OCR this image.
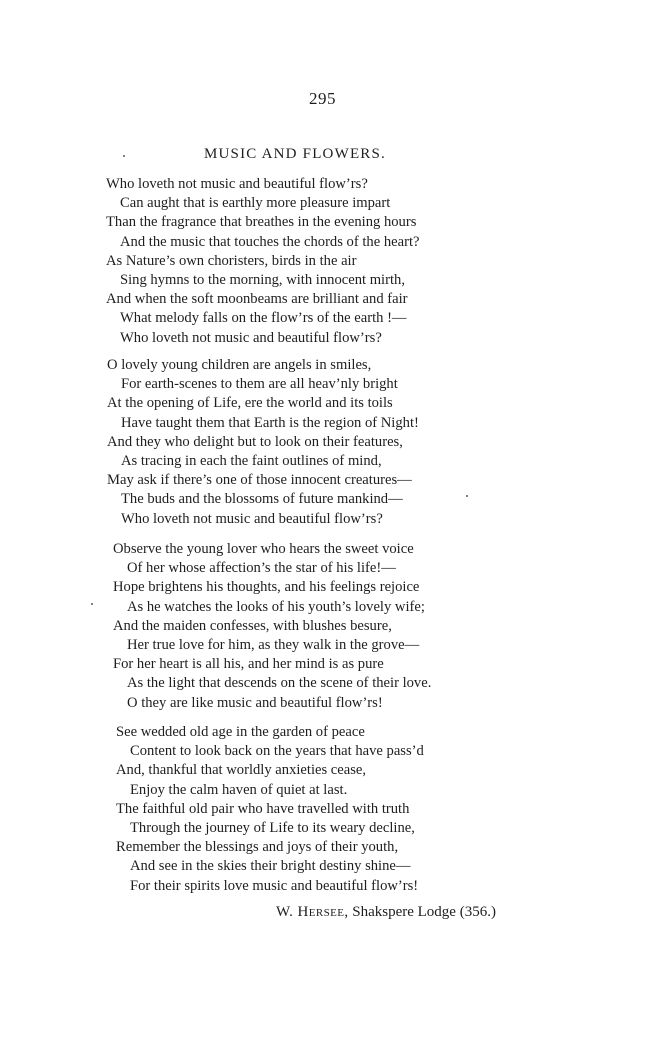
295
MUSIC AND FLOWERS.
Who loveth not music and beautiful flow’rs?
Can aught that is earthly more pleasure impart
Than the fragrance that breathes in the evening hours
And the music that touches the chords of the heart?
As Nature’s own choristers, birds in the air
Sing hymns to the morning, with innocent mirth,
And when the soft moonbeams are brilliant and fair
What melody falls on the flow’rs of the earth !—
Who loveth not music and beautiful flow’rs?
O lovely young children are angels in smiles,
For earth-scenes to them are all heav’nly bright
At the opening of Life, ere the world and its toils
Have taught them that Earth is the region of Night!
And they who delight but to look on their features,
As tracing in each the faint outlines of mind,
May ask if there’s one of those innocent creatures—
The buds and the blossoms of future mankind—
Who loveth not music and beautiful flow’rs?
Observe the young lover who hears the sweet voice
Of her whose affection’s the star of his life!—
Hope brightens his thoughts, and his feelings rejoice
As he watches the looks of his youth’s lovely wife;
And the maiden confesses, with blushes besure,
Her true love for him, as they walk in the grove—
For her heart is all his, and her mind is as pure
As the light that descends on the scene of their love.
O they are like music and beautiful flow’rs!
See wedded old age in the garden of peace
Content to look back on the years that have pass’d
And, thankful that worldly anxieties cease,
Enjoy the calm haven of quiet at last.
The faithful old pair who have travelled with truth
Through the journey of Life to its weary decline,
Remember the blessings and joys of their youth,
And see in the skies their bright destiny shine—
For their spirits love music and beautiful flow’rs!
W. Hersee, Shakspere Lodge (356.)
